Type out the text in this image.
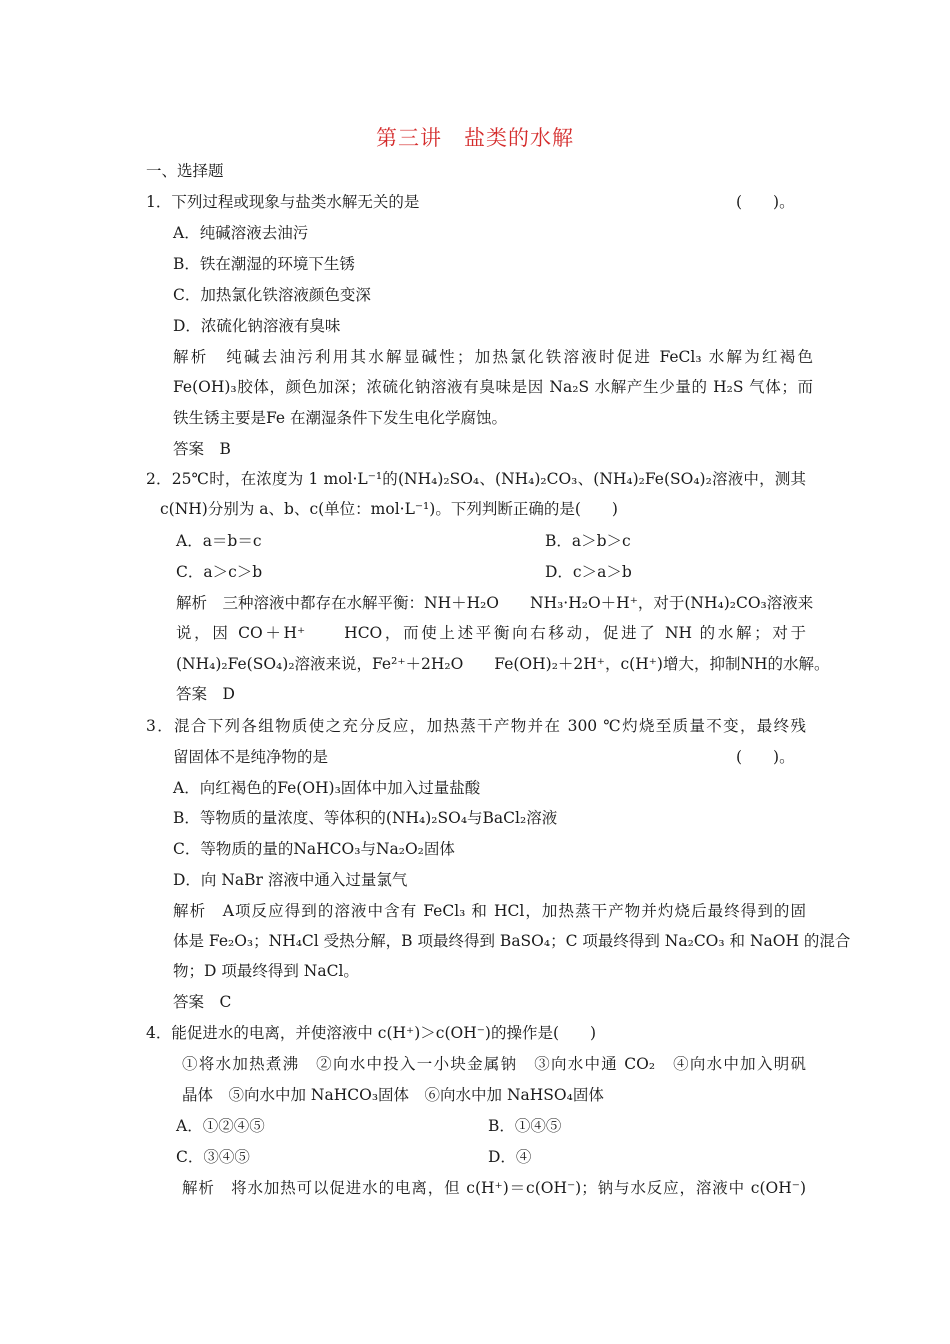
第三讲　盐类的水解
一、选择题
1．下列过程或现象与盐类水解无关的是	(　　)。
A．纯碱溶液去油污
B．铁在潮湿的环境下生锈
C．加热氯化铁溶液颜色变深
D．浓硫化钠溶液有臭味
解析　纯碱去油污利用其水解显碱性；加热氯化铁溶液时促进 FeCl₃ 水解为红褐色
Fe(OH)₃胶体，颜色加深；浓硫化钠溶液有臭味是因 Na₂S 水解产生少量的 H₂S 气体；而
铁生锈主要是Fe 在潮湿条件下发生电化学腐蚀。
答案　B
2．25℃时，在浓度为 1 mol·L⁻¹的(NH₄)₂SO₄、(NH₄)₂CO₃、(NH₄)₂Fe(SO₄)₂溶液中，测其
c(NH)分别为 a、b、c(单位：mol·L⁻¹)。下列判断正确的是(　　)
A．a＝b＝c	B．a＞b＞c
C．a＞c＞b	D．c＞a＞b
解析　三种溶液中都存在水解平衡：NH＋H₂O　　NH₃·H₂O＋H⁺，对于(NH₄)₂CO₃溶液来
说，因 CO＋H⁺　　HCO，而使上述平衡向右移动，促进了 NH 的水解；对于
(NH₄)₂Fe(SO₄)₂溶液来说，Fe²⁺＋2H₂O　　Fe(OH)₂＋2H⁺，c(H⁺)增大，抑制NH的水解。
答案　D
3．混合下列各组物质使之充分反应，加热蒸干产物并在 300 ℃灼烧至质量不变，最终残
留固体不是纯净物的是	(　　)。
A．向红褐色的Fe(OH)₃固体中加入过量盐酸
B．等物质的量浓度、等体积的(NH₄)₂SO₄与BaCl₂溶液
C．等物质的量的NaHCO₃与Na₂O₂固体
D．向 NaBr 溶液中通入过量氯气
解析　A项反应得到的溶液中含有 FeCl₃ 和 HCl，加热蒸干产物并灼烧后最终得到的固
体是 Fe₂O₃；NH₄Cl 受热分解，B 项最终得到 BaSO₄；C 项最终得到 Na₂CO₃ 和 NaOH 的混合
物；D 项最终得到 NaCl。
答案　C
4．能促进水的电离，并使溶液中 c(H⁺)＞c(OH⁻)的操作是(　　)
①将水加热煮沸　②向水中投入一小块金属钠　③向水中通 CO₂　④向水中加入明矾
晶体　⑤向水中加 NaHCO₃固体　⑥向水中加 NaHSO₄固体
A．①②④⑤	B．①④⑤
C．③④⑤	D．④
解析　将水加热可以促进水的电离，但 c(H⁺)＝c(OH⁻)；钠与水反应，溶液中 c(OH⁻)
